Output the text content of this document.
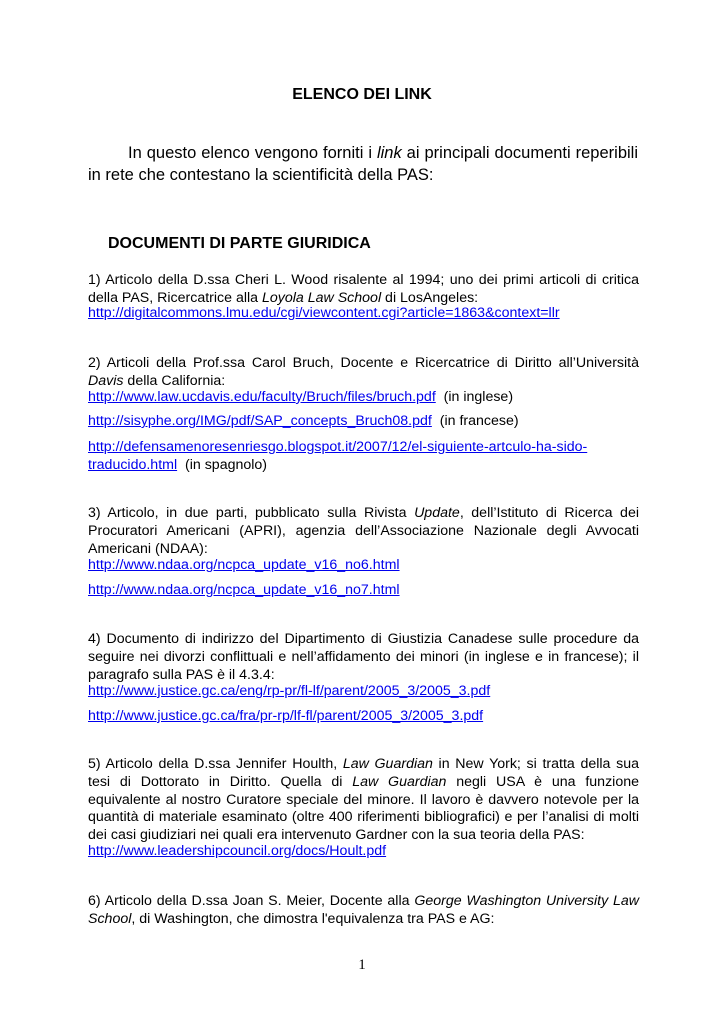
ELENCO DEI LINK
In questo elenco vengono forniti i link ai principali documenti reperibili in rete che contestano la scientificità della PAS:
DOCUMENTI DI PARTE GIURIDICA
1) Articolo della D.ssa Cheri L. Wood risalente al 1994; uno dei primi articoli di critica della PAS, Ricercatrice alla Loyola Law School di LosAngeles:
http://digitalcommons.lmu.edu/cgi/viewcontent.cgi?article=1863&context=llr
2) Articoli della Prof.ssa Carol Bruch, Docente e Ricercatrice di Diritto all’Università Davis della California:
http://www.law.ucdavis.edu/faculty/Bruch/files/bruch.pdf (in inglese)
http://sisyphe.org/IMG/pdf/SAP_concepts_Bruch08.pdf (in francese)
http://defensamenoresenriesgo.blogspot.it/2007/12/el-siguiente-artculo-ha-sido-
traducido.html (in spagnolo)
3) Articolo, in due parti, pubblicato sulla Rivista Update, dell’Istituto di Ricerca dei Procuratori Americani (APRI), agenzia dell’Associazione Nazionale degli Avvocati Americani (NDAA):
http://www.ndaa.org/ncpca_update_v16_no6.html
http://www.ndaa.org/ncpca_update_v16_no7.html
4) Documento di indirizzo del Dipartimento di Giustizia Canadese sulle procedure da seguire nei divorzi conflittuali e nell’affidamento dei minori (in inglese e in francese); il paragrafo sulla PAS è il 4.3.4:
http://www.justice.gc.ca/eng/rp-pr/fl-lf/parent/2005_3/2005_3.pdf
http://www.justice.gc.ca/fra/pr-rp/lf-fl/parent/2005_3/2005_3.pdf
5) Articolo della D.ssa Jennifer Houlth, Law Guardian in New York; si tratta della sua tesi di Dottorato in Diritto. Quella di Law Guardian negli USA è una funzione equivalente al nostro Curatore speciale del minore. Il lavoro è davvero notevole per la quantità di materiale esaminato (oltre 400 riferimenti bibliografici) e per l’analisi di molti dei casi giudiziari nei quali era intervenuto Gardner con la sua teoria della PAS:
http://www.leadershipcouncil.org/docs/Hoult.pdf
6) Articolo della D.ssa Joan S. Meier, Docente alla George Washington University Law School, di Washington, che dimostra l'equivalenza tra PAS e AG:
1
